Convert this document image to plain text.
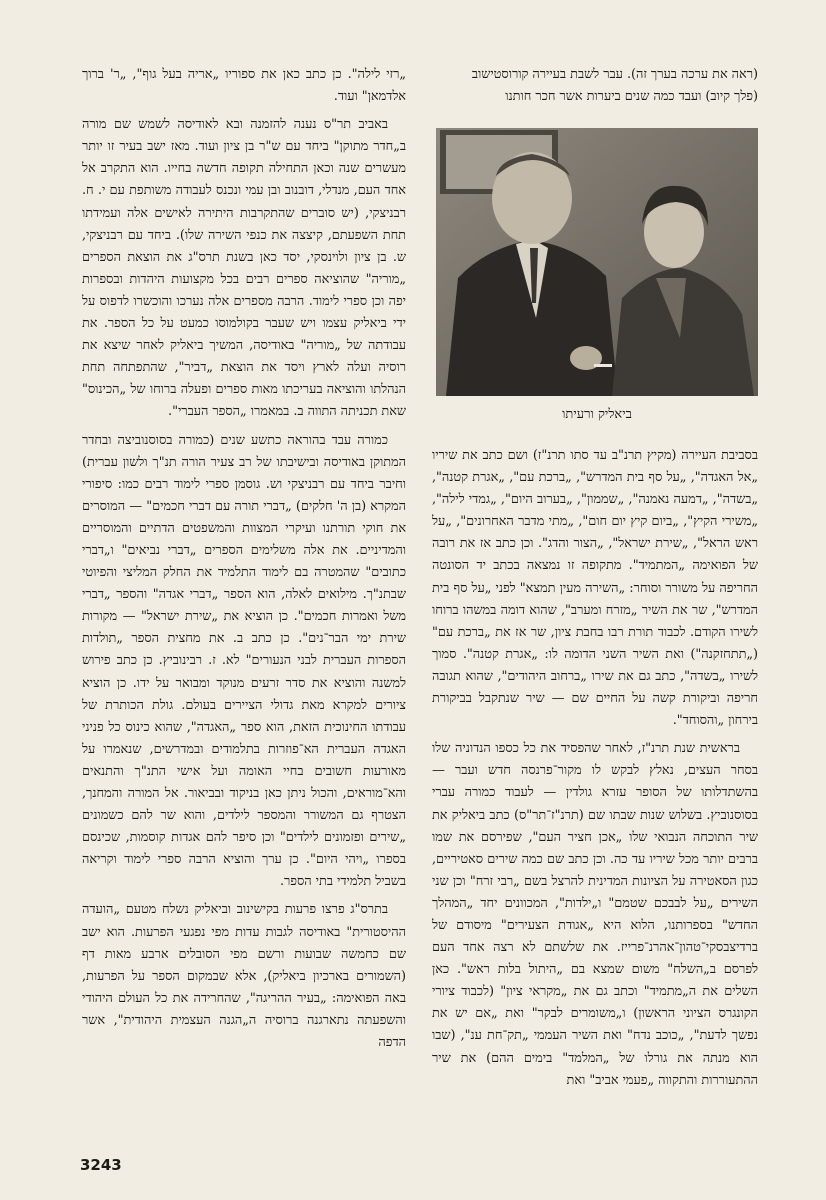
(ראה את ערכה בערך זה). עבר לשבת בעיירה קורוסטישוב

(פלך קיוב) ועבד כמה שנים ביערות אשר חכר חותנו

ביאליק ורעיתו

בסביבת העיירה (מקיץ תרנ"ב עד סתו תרנ"ז) ושם כתב את שיריו „אל האגדה", „על סף בית המדרש", „ברכת עם", „אגרת קטנה", „בשדה", „דמעה נאמנה", „שממון", „בערוב היום", „גמדי לילה", „משירי הקיץ", „ביום קיץ יום חום", „מתי מדבר האחרונים", „על ראש הראל", „שירת ישראל", „הצור והדג". וכן כתב אז את רובה של הפואימה „המתמיד". מתקופה זו נמצאה בכתב יד הסונטה החריפה על משורר וסוחר: „השירה מעין תמצא" לפני „על סף בית המדרש", שר את השיר „מזרח ומערב", שהוא דומה במשהו ברוחו לשירו הקודם. לכבוד תורת רבו בחבת ציון, שר אז את „ברכת עם" („תתחזקנה") ואת השיר השני הדומה לו: „אגרת קטנה". סמוך לשירו „בשדה", כתב גם את שירו „ברחוב היהודים", שהוא תגובה חריפה וביקורת קשה על החיים שם — שיר שנתקבל בביקורת בירחון „והסוחד".

בראשית שנת תרנ"ז, לאחר שהפסיד את כל כספו הנדוניה שלו בסחר העצים, נאלץ לבקש לו מקור־פרנסה חדש ועבר — בהשתדלותו של הסופר עזרא גולדין — לעבוד כמורה עברי בסוסנוביץ. בשלוש שנות שבתו שם (תרנ"ז־תר"ס) כתב ביאליק את שיר התוכחה הנבואי שלו „אכן חציר העם", שפירסם את שמו ברבים יותר מכל שיריו עד כה. וכן כתב שם כמה שירים סאטיריים, כגון הסאטירה על הציונות המדינית להרצל בשם „רבי זרח" וכן שני השירים „על לבבכם שטמם" ו„ילדות", המכוונים יחד „המהלך החדש" בספרותנו, הלוא היא „אגודת הצעירים" מיסודם של ברדיצבסקי־טהון־אהרנ־פרייז. את שלשתם לא רצה אחד העם לפרסם ב„השלח" משום שמצא בם „היתול בלות ראש". כאן השלים את ה„מתמיד" וכתב גם את „מקראי ציון" (לכבוד ציורי הקונגרס הציוני הראשון) ו„משומרים לבקר" ואת „אם יש את נפשך לדעת", „כוכב נדח" ואת השיר העממי „תק־חת ענ", (שבו הוא מנתה את גורלו של „המלמד" בימים ההם) את שיר ההתעוררות והתקווה „פעמי אביב" ואת

„רזי לילה". כן כתב כאן את ספוריו „אריה בעל גוף", „ר' ברוך אלדמאן" ועוד.

באביב תר"ס נענה להזמנה ובא לאודיסה לשמש שם מורה ב„חדר מתוקן" ביחד עם ש"ר בן ציון ועוד. מאז ישב בעיר זו יותר מעשרים שנה וכאן התחילה תקופה חדשה בחייו. הוא התקרב אל אחד העם, מנדלי, דובנוב ובן עמי ונכנס לעבודה משותפת עם י. ח. רבניצקי, (יש סוברים שהתקרבות היתירה לאישים אלה ועמידתו תחת השפעתם, קיצצה את כנפי השירה שלו). ביחד עם רבניצקי, ש. בן ציון ולוינסקי, יסד כאן בשנת תרס"ג את הוצאת הספרים „מוריה" שהוציאה ספרים רבים בכל מקצועות היהדות ובספרות יפה וכן ספרי לימוד. הרבה מספרים אלה נערכו והוכשרו לדפוס על ידי ביאליק עצמו ויש שעבר בקולמוסו כמעט על כל הספר. את עבודתה של „מוריה" באודיסה, המשיך ביאליק לאחר שיצא את רוסיה ועלה לארץ ויסד את הוצאת „דביר", שהתפתחה תחת הנהלתו והוציאה בעריכתו מאות ספרים ופעלה ברוחו של „הכינוס" שאת תכניתה התווה ב. במאמרו „הספר העברי".

כמורה עבד בהוראה כתשע שנים (כמורה בסוסנוביצה ובחדר המתוקן באודיסה ובישיבתו של רב צעיר הורה תנ"ך ולשון עברית) וחיבר ביחד עם רבניצקי וש. גוסמן ספרי לימוד רבים כמו: סיפורי המקרא (בן ה' חלקים) „דברי תורה עם דברי חכמים" — המוסרים את חוקי תורתנו ועיקרי המצוות והמשפטים הדתיים והמוסריים והמדיניים. את אלה משלימים הספרים „דברי נביאים" ו„דברי כתובים" שהמטרה בם לימוד התלמיד את החלק המליצי והפיוטי שבתנ"ך. מילואים לאלה, הוא הספר „דברי אגדה" והספר „דברי משל ואמרות חכמים". כן הוציא את „שירת ישראל" — מקורות שירת ימי הבר־נים". כן כתב ב. את מחצית הספר „תולדות הספרות העברית לבני הנעורים" לא. ז. רבינוביץ. כן כתב פירוש למשנה והוציא את סדר זרעים מנוקד ומבואר על ידו. כן הוציא ציורים למקרא מאת גדולי הציירים בעולם. גולת הכותרת של עבודתו החינוכית הזאת, הוא ספר „האגדה", שהוא כינוס כל פניני האגדה העברית הא־פוזרות בתלמודים ובמדרשים, שנאמרו על מאורעות חשובים בחיי האומה ועל אישי התנ"ך והתנאים והא־מוראים, והכול ניתן כאן בניקוד ובביאור. אל המורה והמחנך, הצטרף גם המשורר והמספר לילדים, והוא שר להם כשמונים „שירים ופזמונים לילדים" וכן סיפר להם אגדות קוסמות, שכינסם בספרו „ויהי היום". כן ערך והוציא הרבה ספרי לימוד וקריאה בשביל תלמידי בתי הספר.

בתרס"ג פרצו פרעות בקישינוב וביאליק נשלח מטעם „הועדה ההיסטורית" באודיסה לגבות עדות מפי נפגעי הפרעות. הוא ישב שם כחמשה שבועות ורשם מפי הסובלים ארבע מאות דף (השמורים בארכיון ביאליק), אלא שבמקום הספר על הפרעות, באה הפואימה: „בעיר ההריגה", שהחרידה את כל העולם היהודי והשפעתה נתארגנה ברוסיה ה„הגנה העצמית היהודית", אשר הדפה

3243
